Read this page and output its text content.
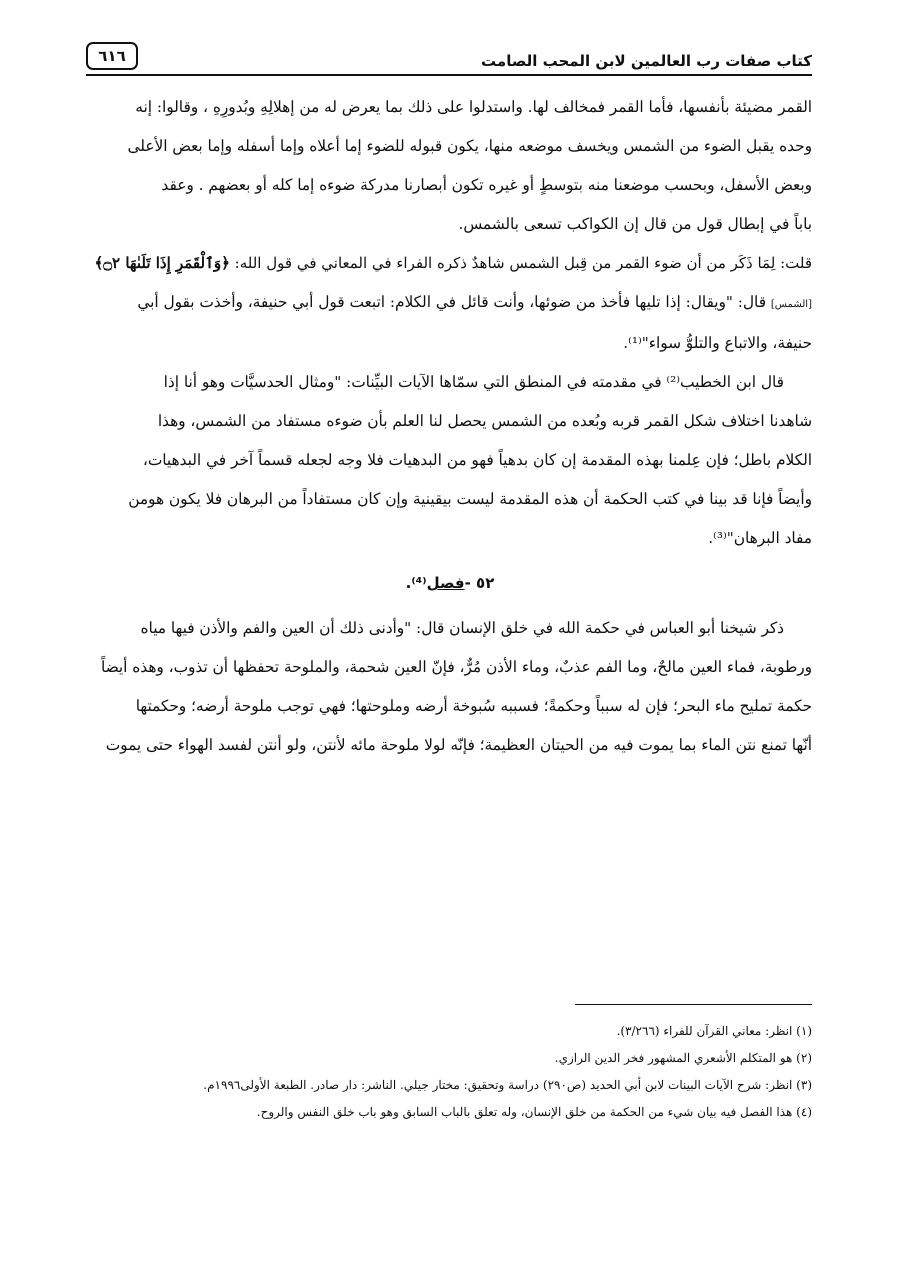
كتاب صفات رب العالمين لابن المحب الصامت
٦١٦

القمر مضيئة بأنفسها، فأما القمر فمخالف لها. واستدلوا على ذلك بما يعرض له من إهلالِهِ وبُدورِهِ ، وقالوا: إنه
وحده يقبل الضوء من الشمس ويخسف موضعه منها، يكون قبوله للضوء إما أعلاه وإما أسفله وإما بعض الأعلى
وبعض الأسفل، وبحسب موضعنا منه بتوسطٍ أو غيره تكون أبصارنا مدركة ضوءه إما كله أو بعضهم . وعقد
باباً في إبطال قول من قال إن الكواكب تسعى بالشمس.

قلت: لِمَا ذَكَر من أن ضوء القمر من قِبل الشمس شاهدٌ ذكره الفراء في المعاني في قول الله: ﴿وَٱلْقَمَرِ إِذَا تَلَىٰهَا ۝٢﴾
[الشمس] قال: "ويقال: إذا تليها فأخذ من ضوئها، وأنت قائل في الكلام: اتبعت قول أبي حنيفة، وأخذت بقول أبي
حنيفة، والاتباع والتلوُّ سواء"⁽¹⁾.

قال ابن الخطيب⁽²⁾ في مقدمته في المنطق التي سمّاها الآيات البيِّنات: "ومثال الحدسيَّات وهو أنا إذا
شاهدنا اختلاف شكل القمر قربه وبُعده من الشمس يحصل لنا العلم بأن ضوءه مستفاد من الشمس، وهذا
الكلام باطل؛ فإن عِلمنا بهذه المقدمة إن كان بدهياً فهو من البدهيات فلا وجه لجعله قسماً آخر في البدهيات،
وأيضاً فإنا قد بينا في كتب الحكمة أن هذه المقدمة ليست بيقينية وإن كان مستفاداً من البرهان فلا يكون هومن
مفاد البرهان"⁽³⁾.

٥٢ -فصل⁽⁴⁾.

ذكر شيخنا أبو العباس في حكمة الله في خلق الإنسان قال: "وأدنى ذلك أن العين والفم والأذن فيها مياه
ورطوبة، فماء العين مالحٌ، وما الفم عذبٌ، وماء الأذن مُرٌّ، فإنّ العين شحمة، والملوحة تحفظها أن تذوب، وهذه أيضاً
حكمة تمليح ماء البحر؛ فإن له سبباً وحكمةً؛ فسببه سُبوخة أرضه وملوحتها؛ فهي توجب ملوحة أرضه؛ وحكمتها
أنّها تمنع نتن الماء بما يموت فيه من الحيتان العظيمة؛ فإنّه لولا ملوحة مائه لأنتن، ولو أنتن لفسد الهواء حتى يموت

(١) انظر: معاني القرآن للفراء (٣/٢٦٦).

(٢) هو المتكلم الأشعري المشهور فخر الدين الرازي.

(٣) انظر: شرح الآيات البينات لابن أبي الحديد (ص٢٩٠) دراسة وتحقيق: مختار جيلي. الناشر: دار صادر. الطبعة الأولى١٩٩٦م.

(٤) هذا الفصل فيه بيان شيء من الحكمة من خلق الإنسان، وله تعلق بالباب السابق وهو باب خلق النفس والروح.
